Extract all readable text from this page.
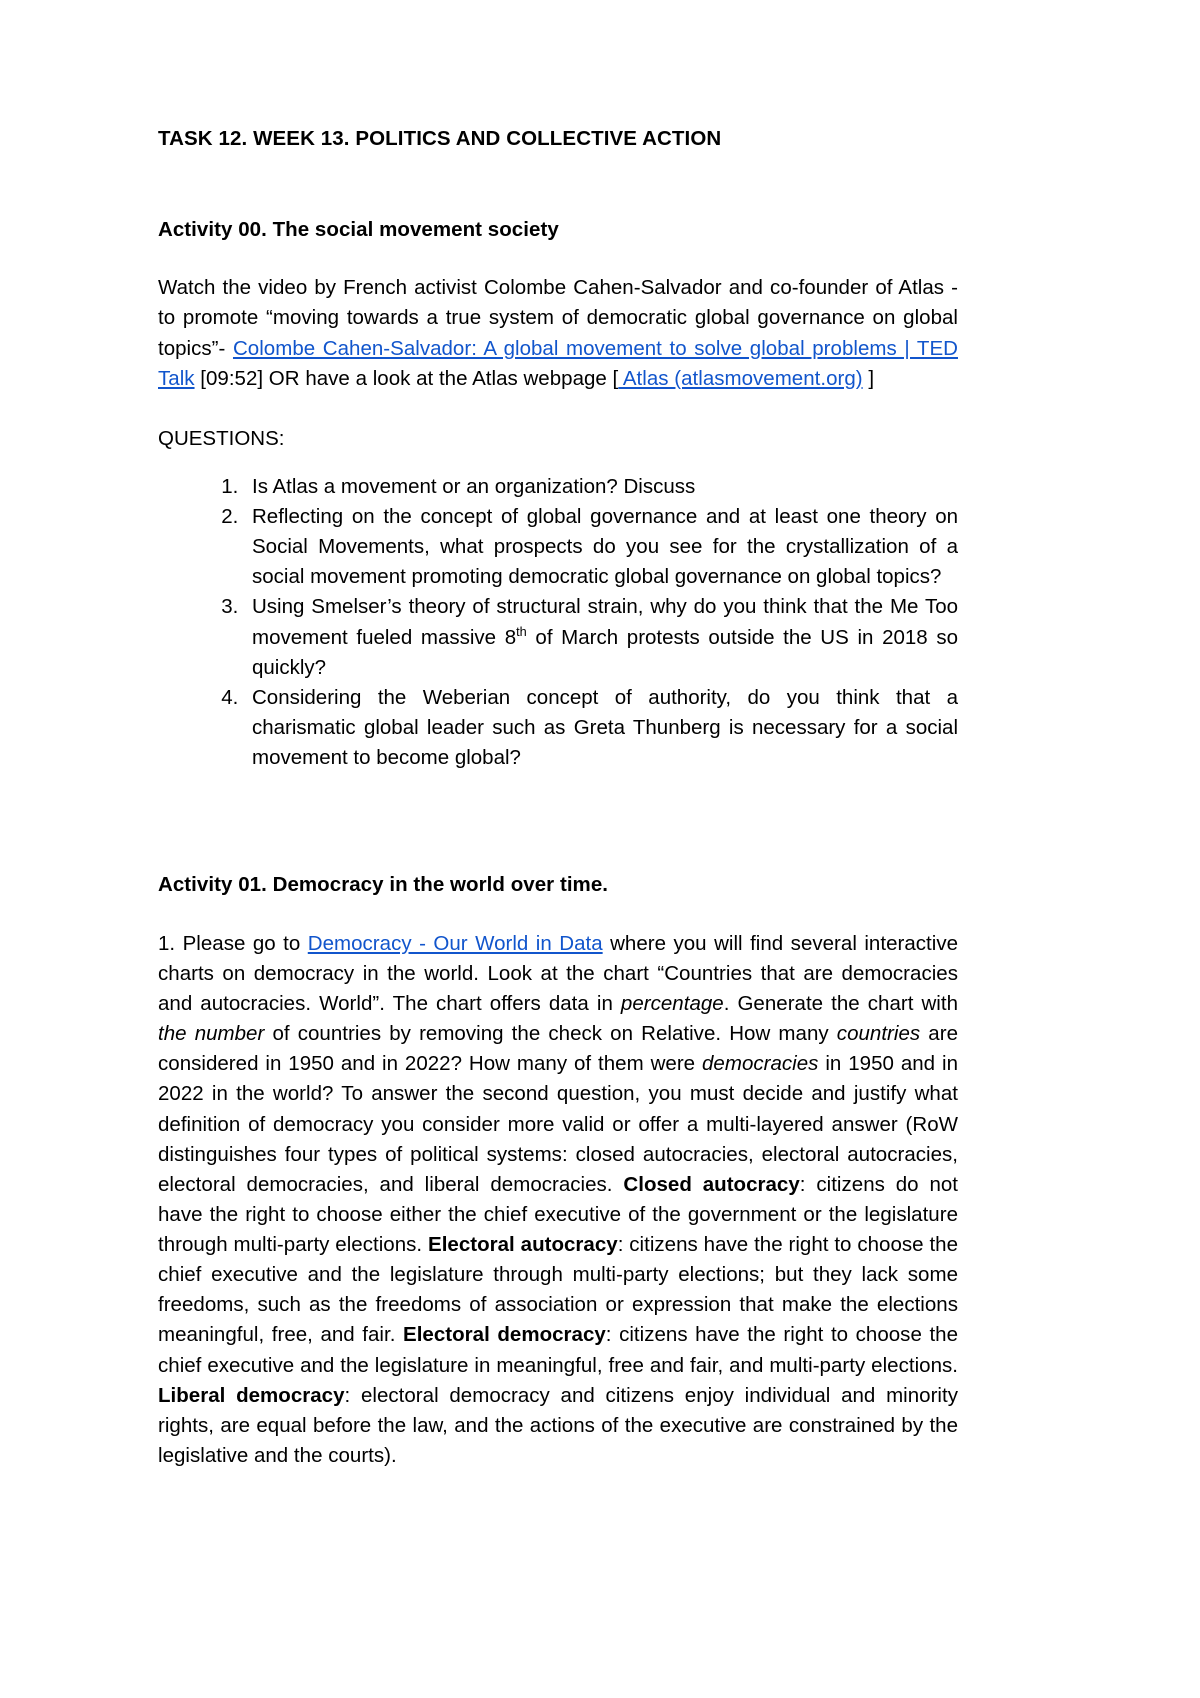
TASK 12. WEEK 13. POLITICS AND COLLECTIVE ACTION
Activity 00. The social movement society

Watch the video by French activist Colombe Cahen-Salvador and co-founder of Atlas - to promote “moving towards a true system of democratic global governance on global topics”- Colombe Cahen-Salvador: A global movement to solve global problems | TED Talk [09:52] OR have a look at the Atlas webpage [ Atlas (atlasmovement.org) ]

QUESTIONS:

1. Is Atlas a movement or an organization? Discuss
2. Reflecting on the concept of global governance and at least one theory on Social Movements, what prospects do you see for the crystallization of a social movement promoting democratic global governance on global topics?
3. Using Smelser’s theory of structural strain, why do you think that the Me Too movement fueled massive 8th of March protests outside the US in 2018 so quickly?
4. Considering the Weberian concept of authority, do you think that a charismatic global leader such as Greta Thunberg is necessary for a social movement to become global?
Activity 01. Democracy in the world over time.

1. Please go to Democracy - Our World in Data where you will find several interactive charts on democracy in the world. Look at the chart “Countries that are democracies and autocracies. World”. The chart offers data in percentage. Generate the chart with the number of countries by removing the check on Relative. How many countries are considered in 1950 and in 2022? How many of them were democracies in 1950 and in 2022 in the world? To answer the second question, you must decide and justify what definition of democracy you consider more valid or offer a multi-layered answer (RoW distinguishes four types of political systems: closed autocracies, electoral autocracies, electoral democracies, and liberal democracies. Closed autocracy: citizens do not have the right to choose either the chief executive of the government or the legislature through multi-party elections. Electoral autocracy: citizens have the right to choose the chief executive and the legislature through multi-party elections; but they lack some freedoms, such as the freedoms of association or expression that make the elections meaningful, free, and fair. Electoral democracy: citizens have the right to choose the chief executive and the legislature in meaningful, free and fair, and multi-party elections. Liberal democracy: electoral democracy and citizens enjoy individual and minority rights, are equal before the law, and the actions of the executive are constrained by the legislative and the courts).
